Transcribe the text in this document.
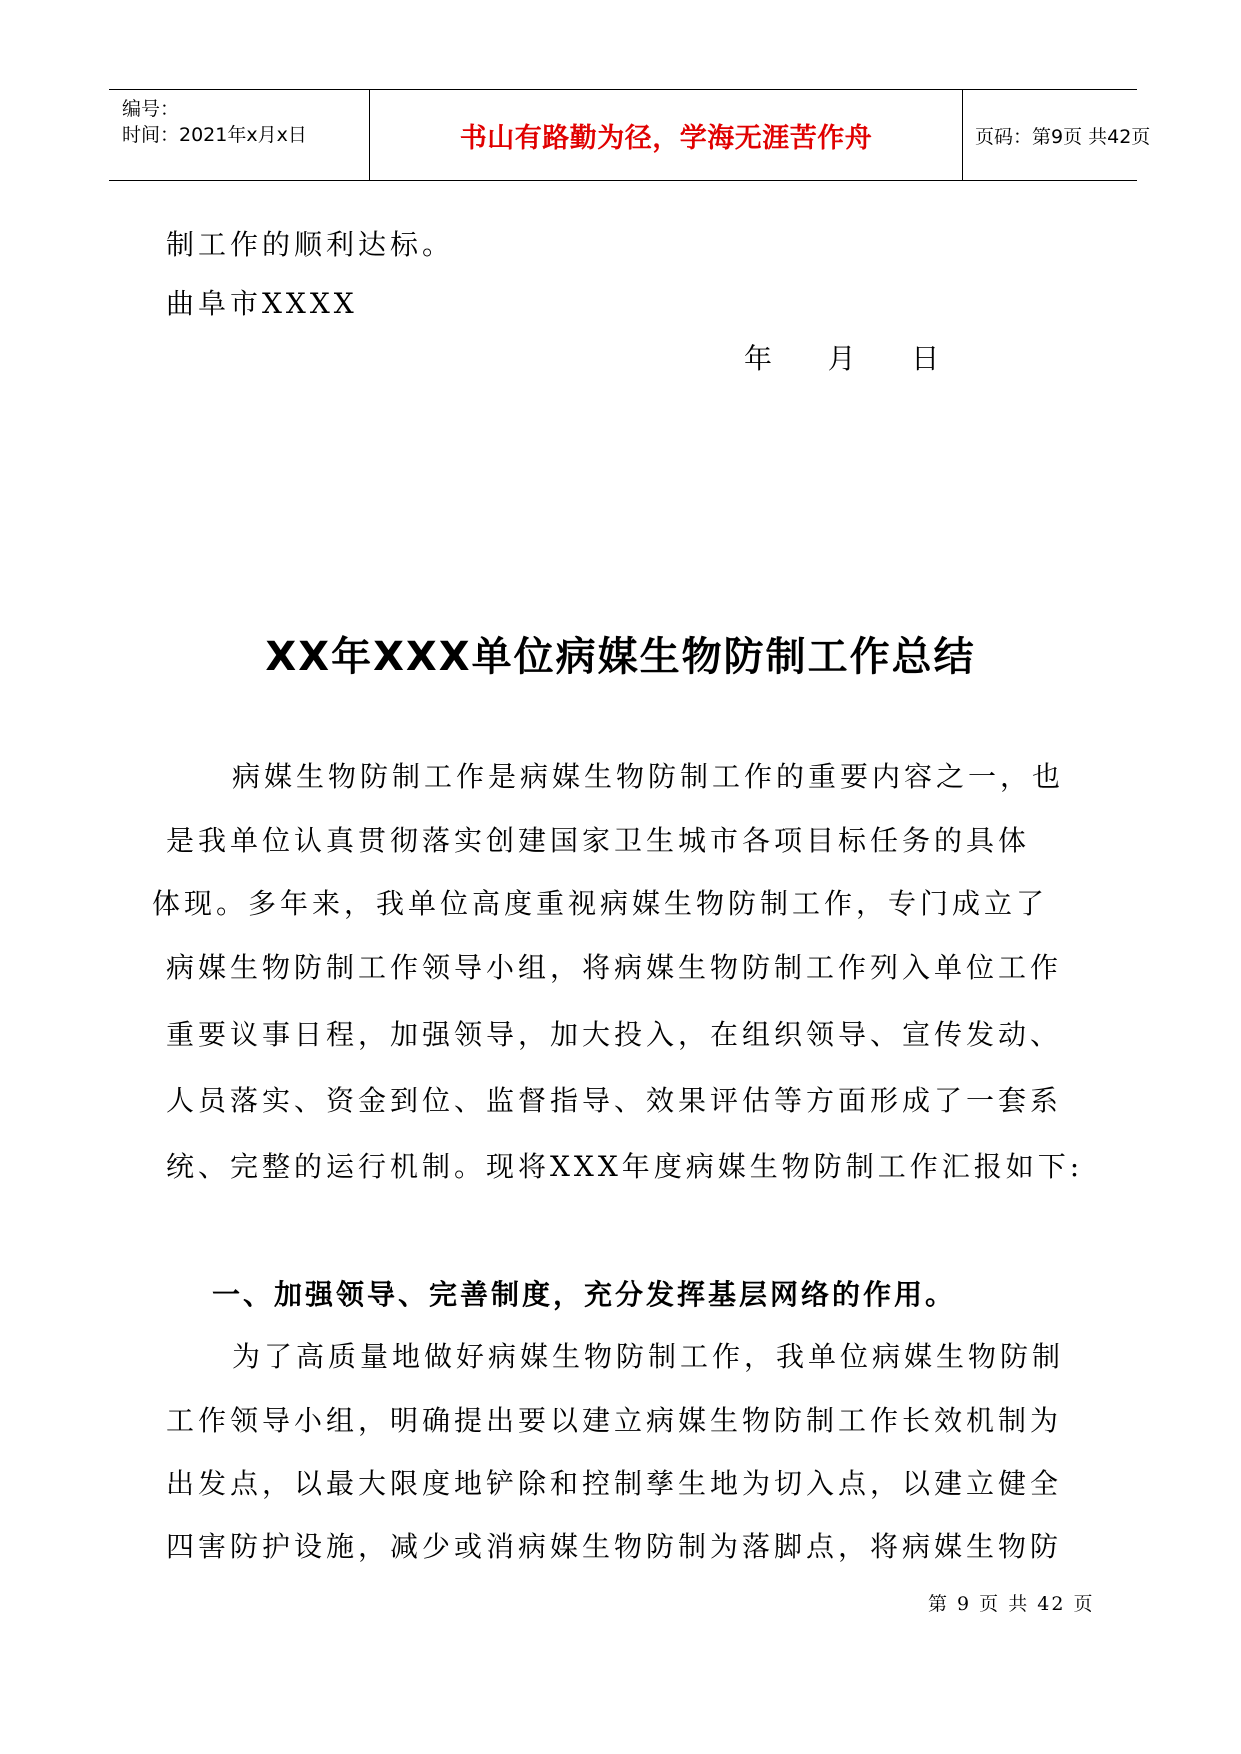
编号：
时间：2021年x月x日	书山有路勤为径，学海无涯苦作舟	页码：第9页 共42页
制工作的顺利达标。
曲阜市XXXX
年    月    日
XX年XXX单位病媒生物防制工作总结
病媒生物防制工作是病媒生物防制工作的重要内容之一，也
是我单位认真贯彻落实创建国家卫生城市各项目标任务的具体
体现。多年来，我单位高度重视病媒生物防制工作，专门成立了
病媒生物防制工作领导小组，将病媒生物防制工作列入单位工作
重要议事日程，加强领导，加大投入，在组织领导、宣传发动、
人员落实、资金到位、监督指导、效果评估等方面形成了一套系
统、完整的运行机制。现将XXX年度病媒生物防制工作汇报如下:
一、加强领导、完善制度，充分发挥基层网络的作用。
为了高质量地做好病媒生物防制工作，我单位病媒生物防制
工作领导小组，明确提出要以建立病媒生物防制工作长效机制为
出发点，以最大限度地铲除和控制孳生地为切入点，以建立健全
四害防护设施，减少或消病媒生物防制为落脚点，将病媒生物防
第 9 页 共 42 页
